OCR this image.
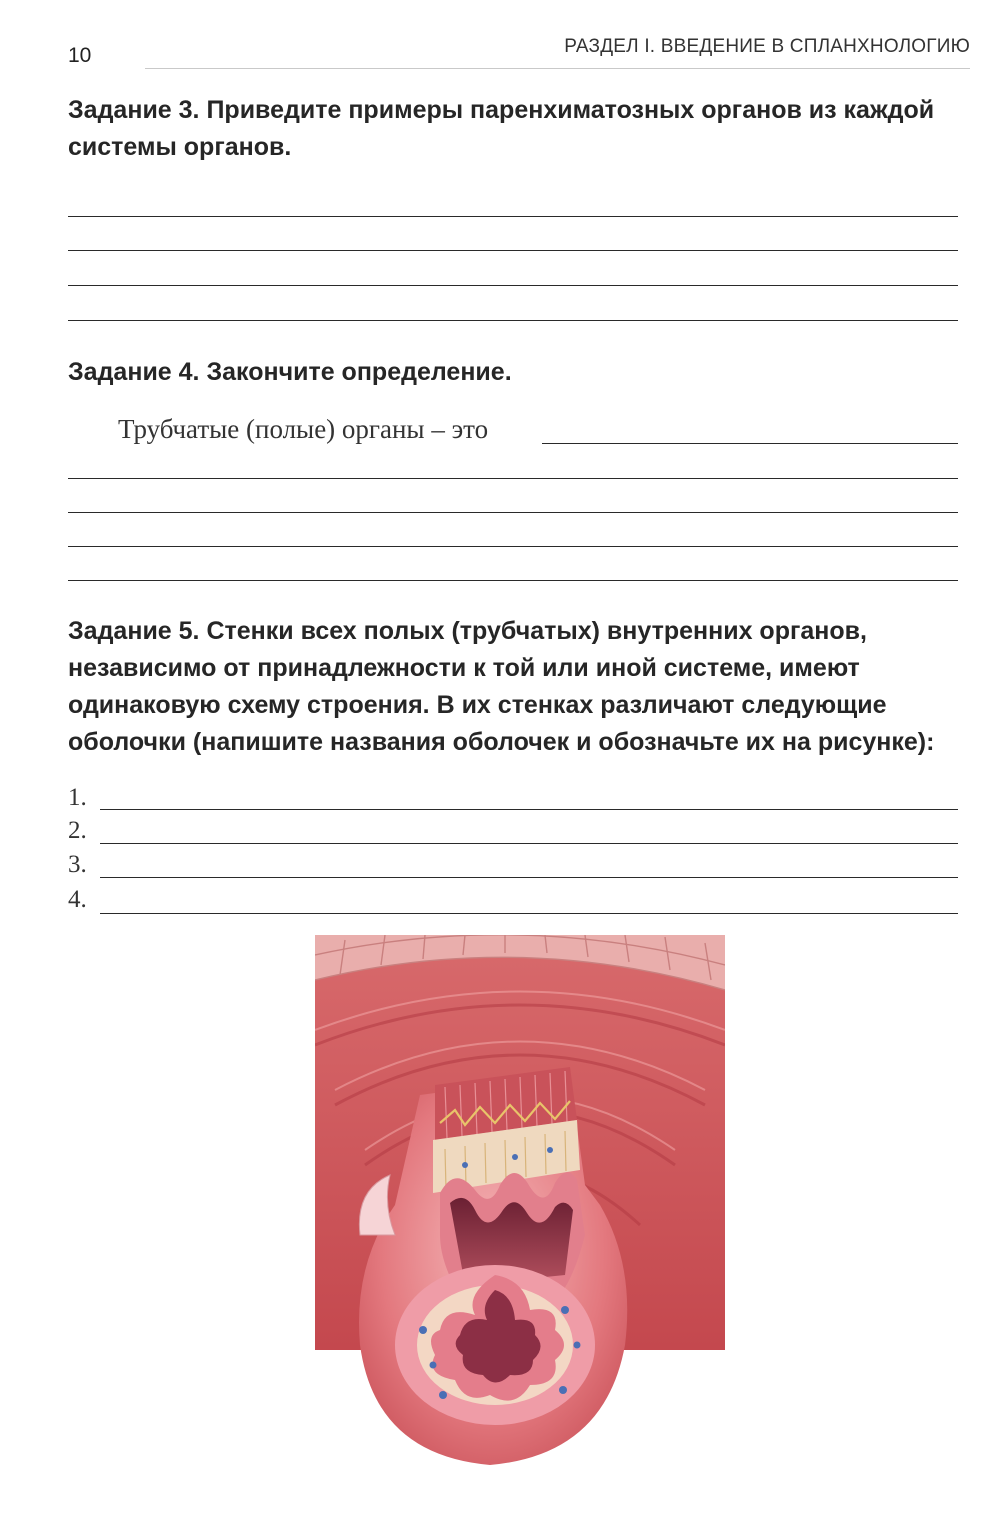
10	РАЗДЕЛ I. ВВЕДЕНИЕ В СПЛАНХНОЛОГИЮ
Задание 3. Приведите примеры паренхиматозных органов из каждой системы органов.
Задание 4. Закончите определение.
Трубчатые (полые) органы – это
Задание 5. Стенки всех полых (трубчатых) внутренних органов, независимо от принадлежности к той или иной системе, имеют одинаковую схему строения. В их стенках различают следующие оболочки (напишите названия оболочек и обозначьте их на рисунке):
1.
2.
3.
4.
